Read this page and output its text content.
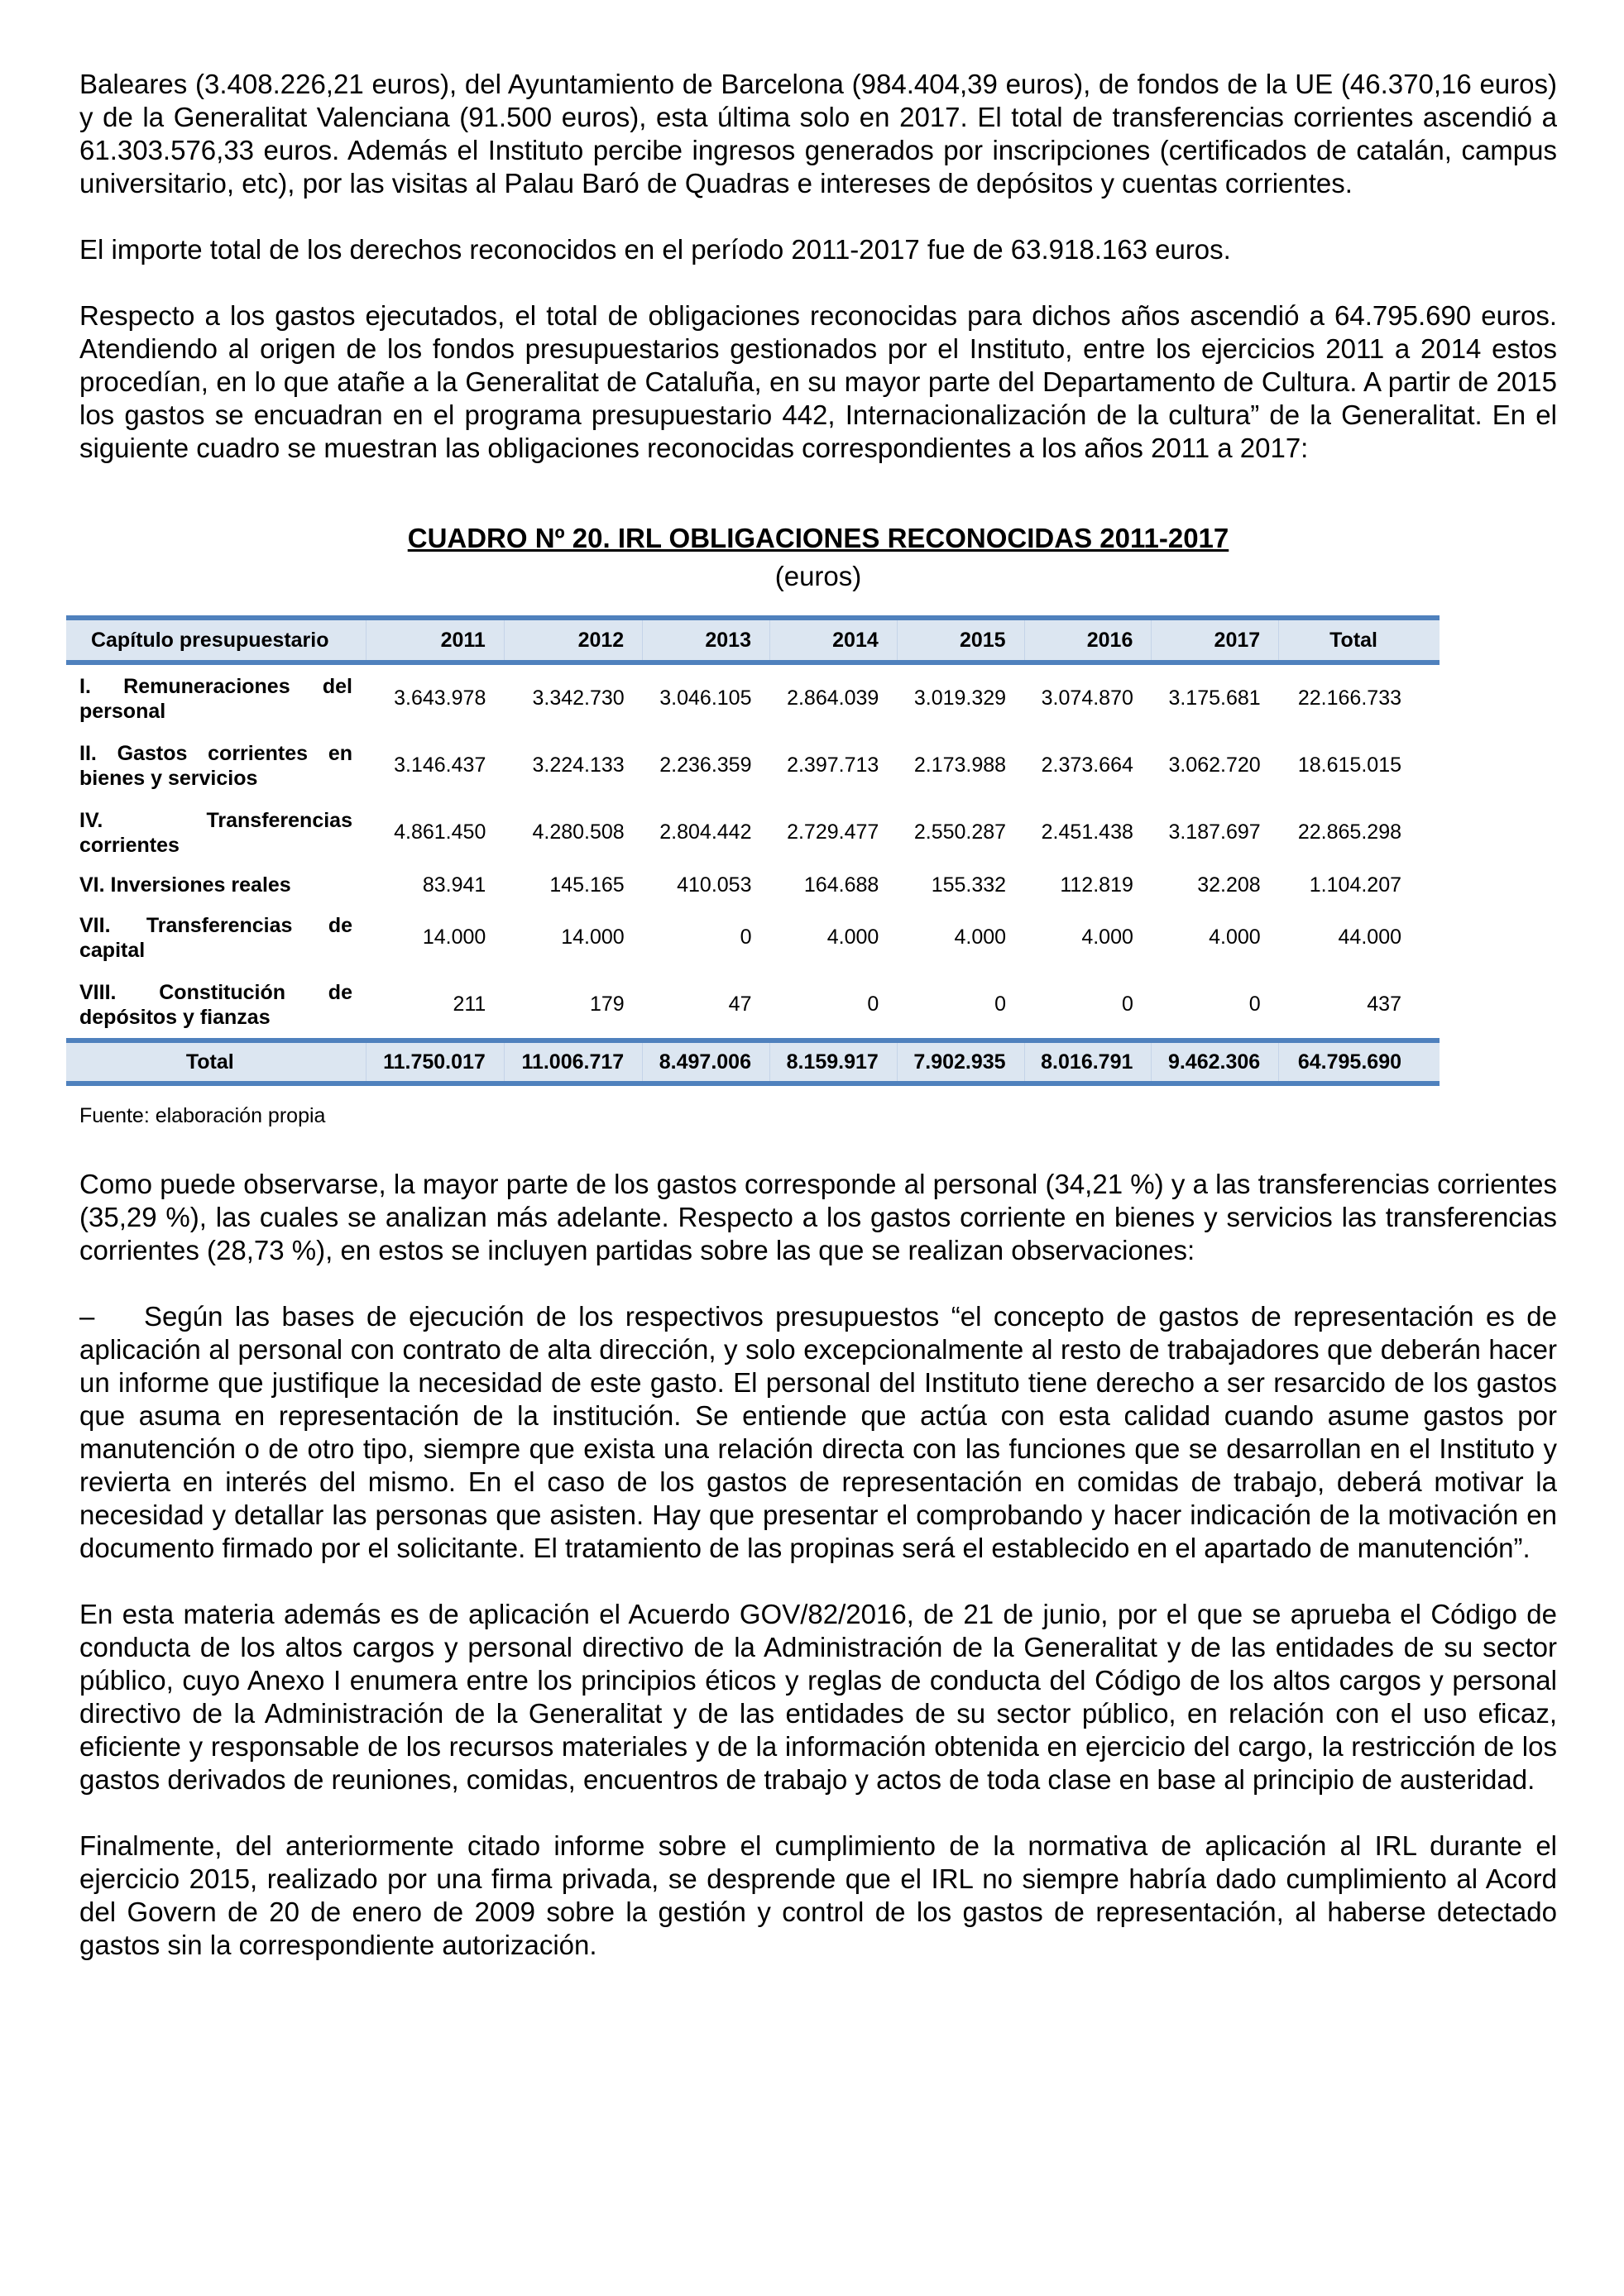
Baleares (3.408.226,21 euros), del Ayuntamiento de Barcelona (984.404,39 euros), de fondos de la UE (46.370,16 euros) y de la Generalitat Valenciana (91.500 euros), esta última solo en 2017. El total de transferencias corrientes ascendió a 61.303.576,33 euros. Además el Instituto percibe ingresos generados por inscripciones (certificados de catalán, campus universitario, etc), por las visitas al Palau Baró de Quadras e intereses de depósitos y cuentas corrientes.

El importe total de los derechos reconocidos en el período 2011-2017 fue de 63.918.163 euros.

Respecto a los gastos ejecutados, el total de obligaciones reconocidas para dichos años ascendió a 64.795.690 euros. Atendiendo al origen de los fondos presupuestarios gestionados por el Instituto, entre los ejercicios 2011 a 2014 estos procedían, en lo que atañe a la Generalitat de Cataluña, en su mayor parte del Departamento de Cultura. A partir de 2015 los gastos se encuadran en el programa presupuestario 442, Internacionalización de la cultura” de la Generalitat. En el siguiente cuadro se muestran las obligaciones reconocidas correspondientes a los años 2011 a 2017:

CUADRO Nº 20. IRL OBLIGACIONES RECONOCIDAS 2011-2017
(euros)
Capítulo presupuestario	2011	2012	2013	2014	2015	2016	2017	Total
I. Remuneraciones del personal	3.643.978	3.342.730	3.046.105	2.864.039	3.019.329	3.074.870	3.175.681	22.166.733
II. Gastos corrientes en bienes y servicios	3.146.437	3.224.133	2.236.359	2.397.713	2.173.988	2.373.664	3.062.720	18.615.015
IV. Transferencias corrientes	4.861.450	4.280.508	2.804.442	2.729.477	2.550.287	2.451.438	3.187.697	22.865.298
VI. Inversiones reales	83.941	145.165	410.053	164.688	155.332	112.819	32.208	1.104.207
VII. Transferencias de capital	14.000	14.000	0	4.000	4.000	4.000	4.000	44.000
VIII. Constitución de depósitos y fianzas	211	179	47	0	0	0	0	437
Total	11.750.017	11.006.717	8.497.006	8.159.917	7.902.935	8.016.791	9.462.306	64.795.690
Fuente: elaboración propia

Como puede observarse, la mayor parte de los gastos corresponde al personal (34,21 %) y a las transferencias corrientes (35,29 %), las cuales se analizan más adelante. Respecto a los gastos corriente en bienes y servicios las transferencias corrientes (28,73 %), en estos se incluyen partidas sobre las que se realizan observaciones:

– Según las bases de ejecución de los respectivos presupuestos “el concepto de gastos de representación es de aplicación al personal con contrato de alta dirección, y solo excepcionalmente al resto de trabajadores que deberán hacer un informe que justifique la necesidad de este gasto. El personal del Instituto tiene derecho a ser resarcido de los gastos que asuma en representación de la institución. Se entiende que actúa con esta calidad cuando asume gastos por manutención o de otro tipo, siempre que exista una relación directa con las funciones que se desarrollan en el Instituto y revierta en interés del mismo. En el caso de los gastos de representación en comidas de trabajo, deberá motivar la necesidad y detallar las personas que asisten. Hay que presentar el comprobando y hacer indicación de la motivación en documento firmado por el solicitante. El tratamiento de las propinas será el establecido en el apartado de manutención”.

En esta materia además es de aplicación el Acuerdo GOV/82/2016, de 21 de junio, por el que se aprueba el Código de conducta de los altos cargos y personal directivo de la Administración de la Generalitat y de las entidades de su sector público, cuyo Anexo I enumera entre los principios éticos y reglas de conducta del Código de los altos cargos y personal directivo de la Administración de la Generalitat y de las entidades de su sector público, en relación con el uso eficaz, eficiente y responsable de los recursos materiales y de la información obtenida en ejercicio del cargo, la restricción de los gastos derivados de reuniones, comidas, encuentros de trabajo y actos de toda clase en base al principio de austeridad.

Finalmente, del anteriormente citado informe sobre el cumplimiento de la normativa de aplicación al IRL durante el ejercicio 2015, realizado por una firma privada, se desprende que el IRL no siempre habría dado cumplimiento al Acord del Govern de 20 de enero de 2009 sobre la gestión y control de los gastos de representación, al haberse detectado gastos sin la correspondiente autorización.
